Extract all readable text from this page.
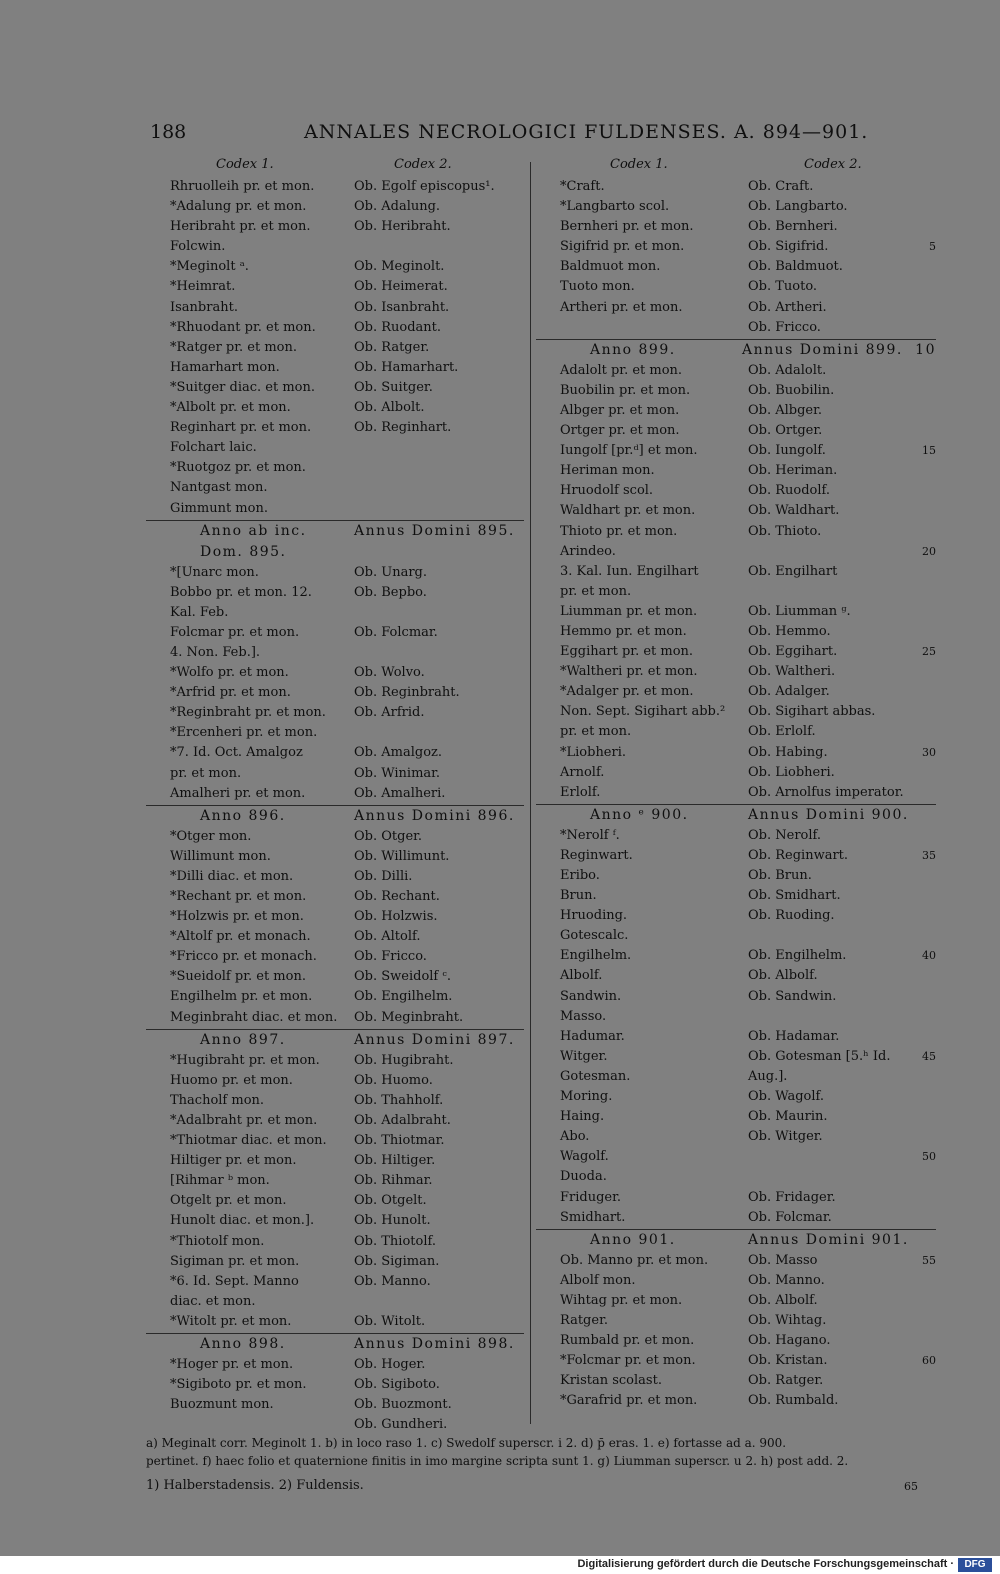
188	ANNALES NECROLOGICI FULDENSES. A. 894—901.
Codex 1.	Codex 2.
Rhruolleih pr. et mon.	Ob. Egolf episcopus¹.
*Adalung pr. et mon.	Ob. Adalung.
Heribraht pr. et mon.	Ob. Heribraht.
Folcwin.
*Meginolt ᵃ.	Ob. Meginolt.
*Heimrat.	Ob. Heimerat.
Isanbraht.	Ob. Isanbraht.
*Rhuodant pr. et mon.	Ob. Ruodant.
*Ratger pr. et mon.	Ob. Ratger.
Hamarhart mon.	Ob. Hamarhart.
*Suitger diac. et mon.	Ob. Suitger.
*Albolt pr. et mon.	Ob. Albolt.
Reginhart pr. et mon.	Ob. Reginhart.
Folchart laic.
*Ruotgoz pr. et mon.
Nantgast mon.
Gimmunt mon.
Anno ab inc. Dom. 895.
Annus Domini 895.
*[Unarc mon.	Ob. Unarg.
Bobbo pr. et mon. 12.	Ob. Bepbo.
Kal. Feb.
Folcmar pr. et mon.	Ob. Folcmar.
4. Non. Feb.].
*Wolfo pr. et mon.	Ob. Wolvo.
*Arfrid pr. et mon.	Ob. Reginbraht.
*Reginbraht pr. et mon.	Ob. Arfrid.
*Ercenheri pr. et mon.
*7. Id. Oct. Amalgoz	Ob. Amalgoz.
pr. et mon.	Ob. Winimar.
Amalheri pr. et mon.	Ob. Amalheri.
Anno 896.	Annus Domini 896.
*Otger mon.	Ob. Otger.
Willimunt mon.	Ob. Willimunt.
*Dilli diac. et mon.	Ob. Dilli.
*Rechant pr. et mon.	Ob. Rechant.
*Holzwis pr. et mon.	Ob. Holzwis.
*Altolf pr. et monach.	Ob. Altolf.
*Fricco pr. et monach.	Ob. Fricco.
*Sueidolf pr. et mon.	Ob. Sweidolf ᶜ.
Engilhelm pr. et mon.	Ob. Engilhelm.
Meginbraht diac. et mon.	Ob. Meginbraht.
Anno 897.	Annus Domini 897.
*Hugibraht pr. et mon.	Ob. Hugibraht.
Huomo pr. et mon.	Ob. Huomo.
Thacholf mon.	Ob. Thahholf.
*Adalbraht pr. et mon.	Ob. Adalbraht.
*Thiotmar diac. et mon.	Ob. Thiotmar.
Hiltiger pr. et mon.	Ob. Hiltiger.
[Rihmar ᵇ mon.	Ob. Rihmar.
Otgelt pr. et mon.	Ob. Otgelt.
Hunolt diac. et mon.].	Ob. Hunolt.
*Thiotolf mon.	Ob. Thiotolf.
Sigiman pr. et mon.	Ob. Sigiman.
*6. Id. Sept. Manno	Ob. Manno.
diac. et mon.
*Witolt pr. et mon.	Ob. Witolt.
Anno 898.	Annus Domini 898.
*Hoger pr. et mon.	Ob. Hoger.
*Sigiboto pr. et mon.	Ob. Sigiboto.
Buozmunt mon.	Ob. Buozmont.
Ob. Gundheri.
Codex 1.	Codex 2.
*Craft.	Ob. Craft.
*Langbarto scol.	Ob. Langbarto.
Bernheri pr. et mon.	Ob. Bernheri.
Sigifrid pr. et mon.	Ob. Sigifrid.	5
Baldmuot mon.	Ob. Baldmuot.
Tuoto mon.	Ob. Tuoto.
Artheri pr. et mon.	Ob. Artheri.
Ob. Fricco.
Anno 899.	Annus Domini 899. 10
Adalolt pr. et mon.	Ob. Adalolt.
Buobilin pr. et mon.	Ob. Buobilin.
Albger pr. et mon.	Ob. Albger.
Ortger pr. et mon.	Ob. Ortger.
Iungolf [pr.ᵈ] et mon.	Ob. Iungolf.	15
Heriman mon.	Ob. Heriman.
Hruodolf scol.	Ob. Ruodolf.
Waldhart pr. et mon.	Ob. Waldhart.
Thioto pr. et mon.	Ob. Thioto.
Arindeo.	20
3. Kal. Iun. Engilhart	Ob. Engilhart
pr. et mon.
Liumman pr. et mon.	Ob. Liumman ᵍ.
Hemmo pr. et mon.	Ob. Hemmo.
Eggihart pr. et mon.	Ob. Eggihart.	25
*Waltheri pr. et mon.	Ob. Waltheri.
*Adalger pr. et mon.	Ob. Adalger.
Non. Sept. Sigihart abb.²	Ob. Sigihart abbas.
pr. et mon.	Ob. Erlolf.
*Liobheri.	Ob. Habing.	30
Arnolf.	Ob. Liobheri.
Erlolf.	Ob. Arnolfus imperator.
Anno ᵉ 900.	Annus Domini 900.
*Nerolf ᶠ.	Ob. Nerolf.
Reginwart.	Ob. Reginwart.	35
Eribo.	Ob. Brun.
Brun.	Ob. Smidhart.
Hruoding.	Ob. Ruoding.
Gotescalc.
Engilhelm.	Ob. Engilhelm.	40
Albolf.	Ob. Albolf.
Sandwin.	Ob. Sandwin.
Masso.
Hadumar.	Ob. Hadamar.
Witger.	Ob. Gotesman [5.ʰ Id.	45
Gotesman.	Aug.].
Moring.	Ob. Wagolf.
Haing.	Ob. Maurin.
Abo.	Ob. Witger.
Wagolf.	50
Duoda.
Friduger.	Ob. Fridager.
Smidhart.	Ob. Folcmar.
Anno 901.	Annus Domini 901.
Ob. Manno pr. et mon.	Ob. Masso	55
Albolf mon.	Ob. Manno.
Wihtag pr. et mon.	Ob. Albolf.
Ratger.	Ob. Wihtag.
Rumbald pr. et mon.	Ob. Hagano.
*Folcmar pr. et mon.	Ob. Kristan.	60
Kristan scolast.	Ob. Ratger.
*Garafrid pr. et mon.	Ob. Rumbald.
a) Meginalt corr. Meginolt 1. b) in loco raso 1. c) Swedolf superscr. i 2. d) p̄ eras. 1. e) fortasse ad a. 900.
pertinet. f) haec folio et quaternione finitis in imo margine scripta sunt 1. g) Liumman superscr. u 2. h) post add. 2.
1) Halberstadensis. 2) Fuldensis.	65
Digitalisierung gefördert durch die Deutsche Forschungsgemeinschaft ·	DFG
